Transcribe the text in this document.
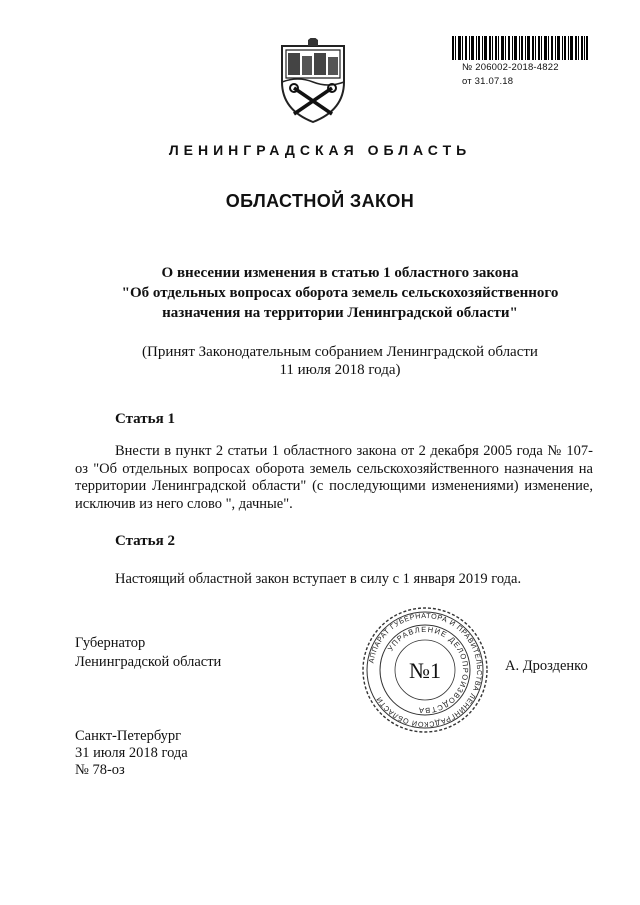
№ 206002-2018-4822
от 31.07.18
ЛЕНИНГРАДСКАЯ ОБЛАСТЬ
ОБЛАСТНОЙ ЗАКОН
О внесении изменения в статью 1 областного закона
"Об отдельных вопросах оборота земель сельскохозяйственного
назначения на территории Ленинградской области"
(Принят Законодательным собранием Ленинградской области
11 июля 2018 года)
Статья 1
Внести в пункт 2 статьи 1 областного закона от 2 декабря 2005 года № 107-оз "Об отдельных вопросах оборота земель сельскохозяйственного назначения на территории Ленинградской области" (с последующими изменениями) изменение, исключив из него слово ", дачные".
Статья 2
Настоящий областной закон вступает в силу с 1 января 2019 года.
Губернатор
Ленинградской области	А. Дрозденко
АППАРАТ ГУБЕРНАТОРА И ПРАВИТЕЛЬСТВА ЛЕНИНГРАДСКОЙ ОБЛАСТИ
УПРАВЛЕНИЕ ДЕЛОПРОИЗВОДСТВА
№1
Санкт-Петербург
31 июля 2018 года
№ 78-оз
